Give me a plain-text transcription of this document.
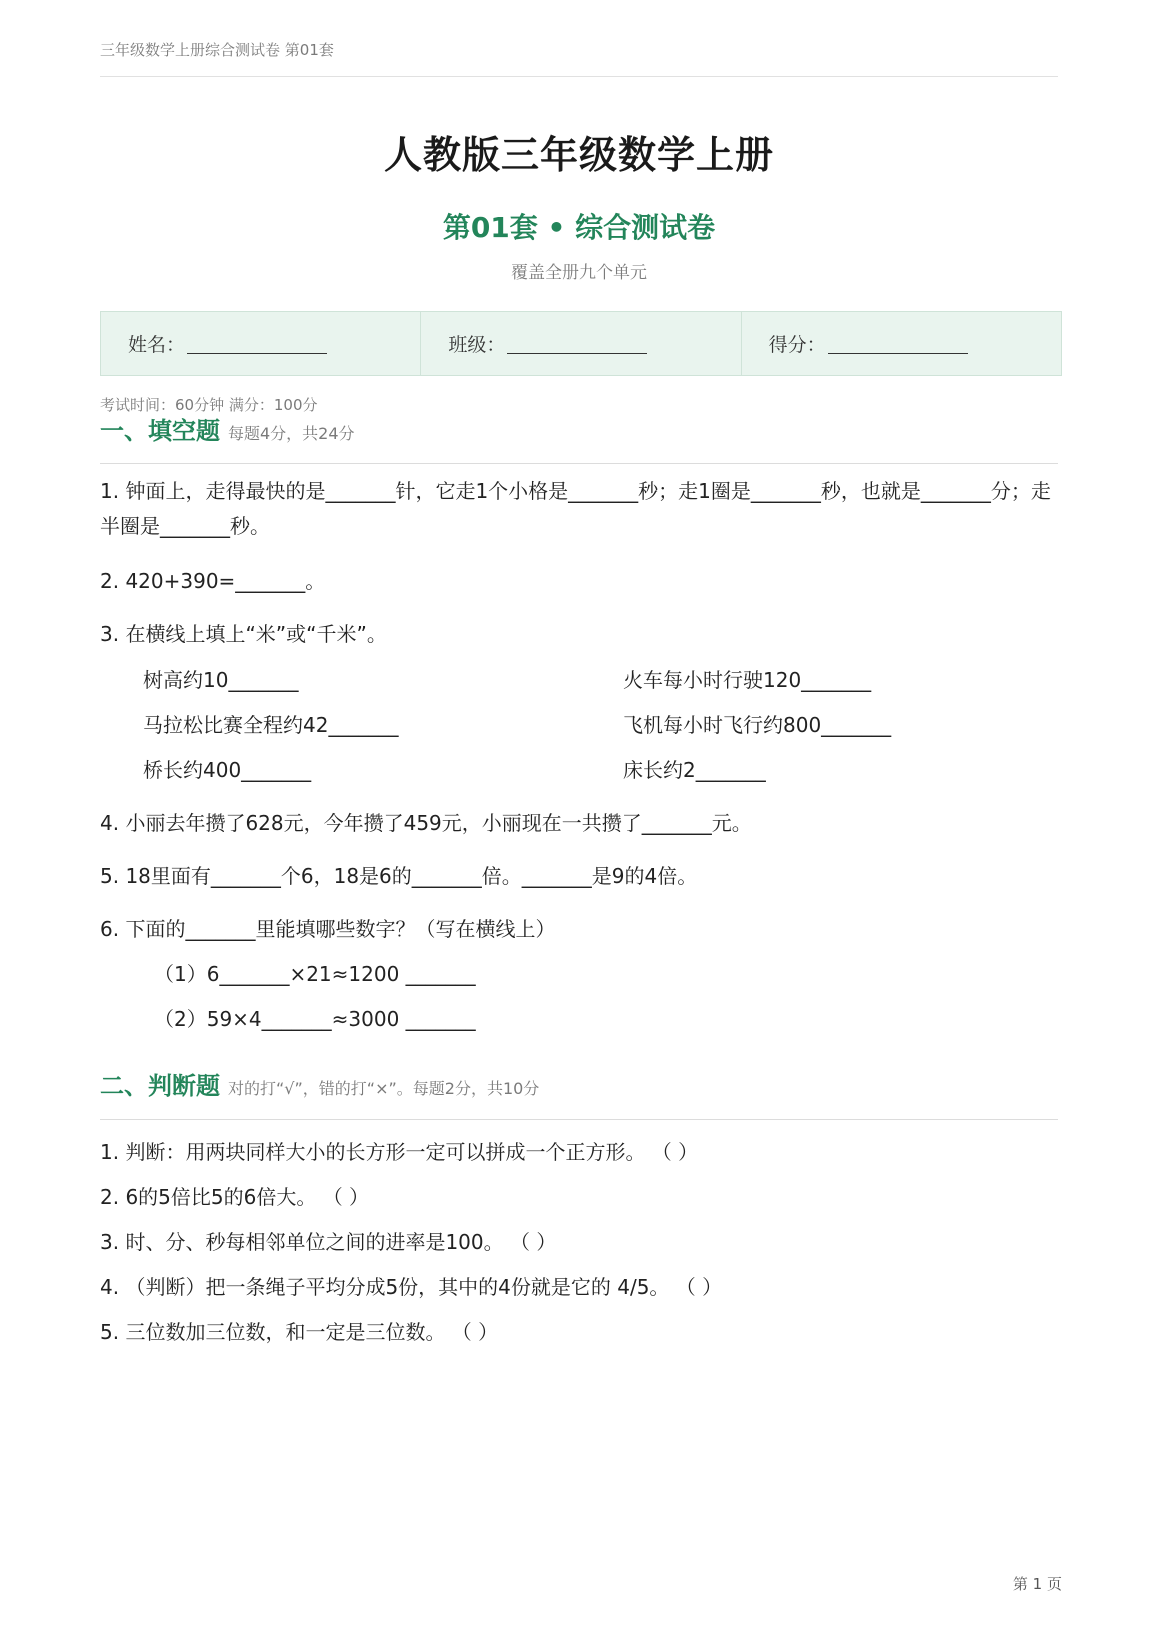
三年级数学上册综合测试卷 第01套
人教版三年级数学上册
第01套 • 综合测试卷
覆盖全册九个单元
姓名：	班级：	得分：
考试时间：60分钟 满分：100分
一、填空题 每题4分，共24分
1. 钟面上，走得最快的是_______针，它走1个小格是_______秒；走1圈是_______秒，也就是_______分；走半圈是_______秒。
2. 420+390=_______。
3. 在横线上填上“米”或“千米”。
树高约10_______	火车每小时行驶120_______
马拉松比赛全程约42_______	飞机每小时飞行约800_______
桥长约400_______	床长约2_______
4. 小丽去年攒了628元，今年攒了459元，小丽现在一共攒了_______元。
5. 18里面有_______个6，18是6的_______倍。_______是9的4倍。
6. 下面的_______里能填哪些数字？（写在横线上）
（1）6_______×21≈1200 _______
（2）59×4_______≈3000 _______
二、判断题 对的打“√”，错的打“×”。每题2分，共10分
1. 判断：用两块同样大小的长方形一定可以拼成一个正方形。 （ ）
2. 6的5倍比5的6倍大。 （ ）
3. 时、分、秒每相邻单位之间的进率是100。 （ ）
4. （判断）把一条绳子平均分成5份，其中的4份就是它的 4/5。 （ ）
5. 三位数加三位数，和一定是三位数。 （ ）
第 1 页
